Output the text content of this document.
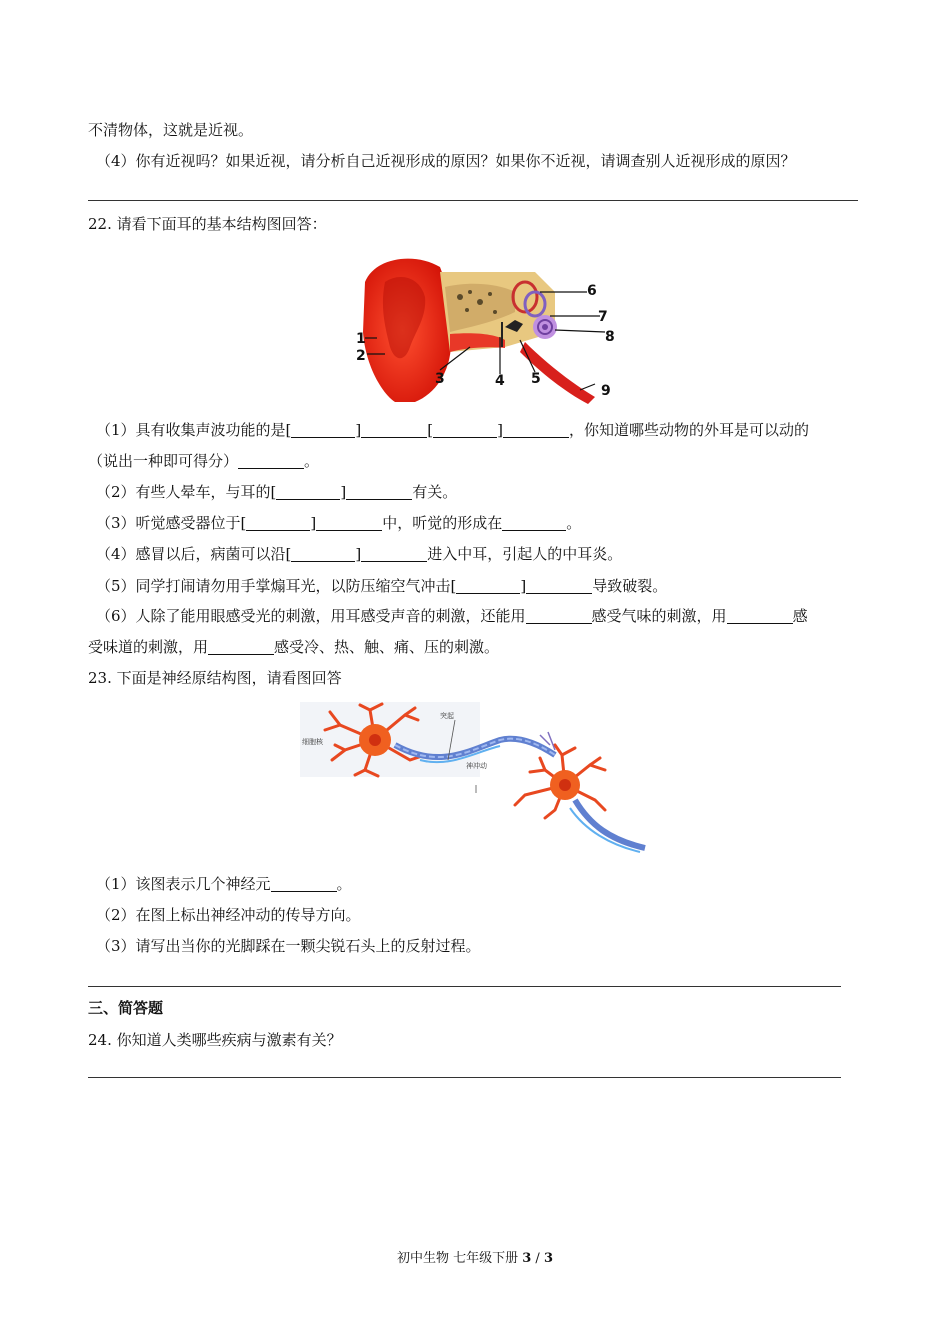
不清物体，这就是近视。
（4）你有近视吗？如果近视，请分析自己近视形成的原因？如果你不近视，请调查别人近视形成的原因？
22. 请看下面耳的基本结构图回答：
1
2
3	4 5
6
7
8
9
（1）具有收集声波功能的是[	]	[	]	，你知道哪些动物的外耳是可以动的
（说出一种即可得分）	。
（2）有些人晕车，与耳的[	]	有关。
（3）听觉感受器位于[	]	中，听觉的形成在	。
（4）感冒以后，病菌可以沿[	]	进入中耳，引起人的中耳炎。
（5）同学打闹请勿用手掌煽耳光，以防压缩空气冲击[	]	导致破裂。
（6）人除了能用眼感受光的刺激，用耳感受声音的刺激，还能用	感受气味的刺激，用	感
受味道的刺激，用	感受冷、热、触、痛、压的刺激。
23. 下面是神经原结构图，请看图回答
细胞核
突起
神冲动
（1）该图表示几个神经元	。
（2）在图上标出神经冲动的传导方向。
（3）请写出当你的光脚踩在一颗尖锐石头上的反射过程。
三、简答题
24. 你知道人类哪些疾病与激素有关？
初中生物 七年级下册 3 / 3
